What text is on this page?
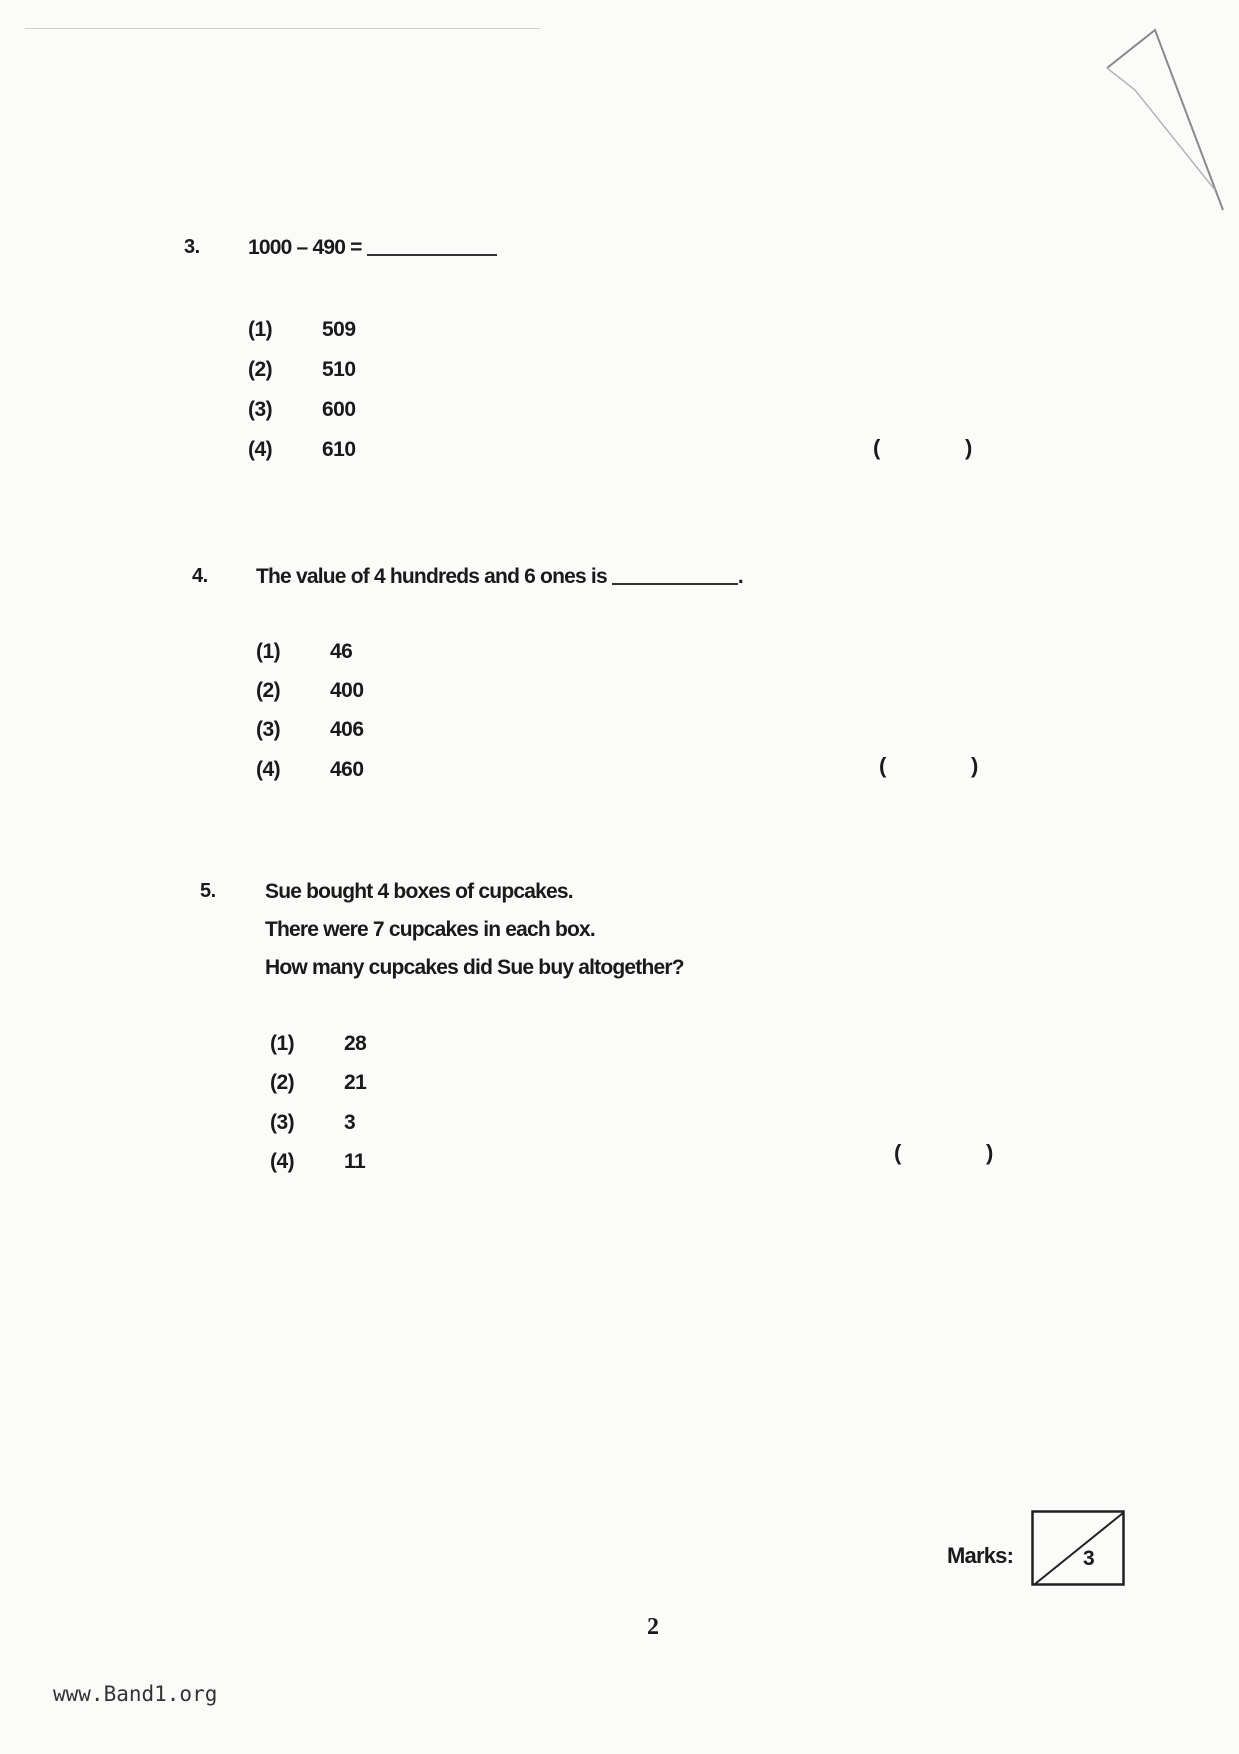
3. 1000 – 490 =
(1) 509
(2) 510
(3) 600
(4) 610	(	)
4. The value of 4 hundreds and 6 ones is	.
(1) 46
(2) 400
(3) 406
(4) 460	(	)
5. Sue bought 4 boxes of cupcakes.
There were 7 cupcakes in each box.
How many cupcakes did Sue buy altogether?
(1) 28
(2) 21
(3) 3
(4) 11	(	)
Marks:	3
2
www.Band1.org
